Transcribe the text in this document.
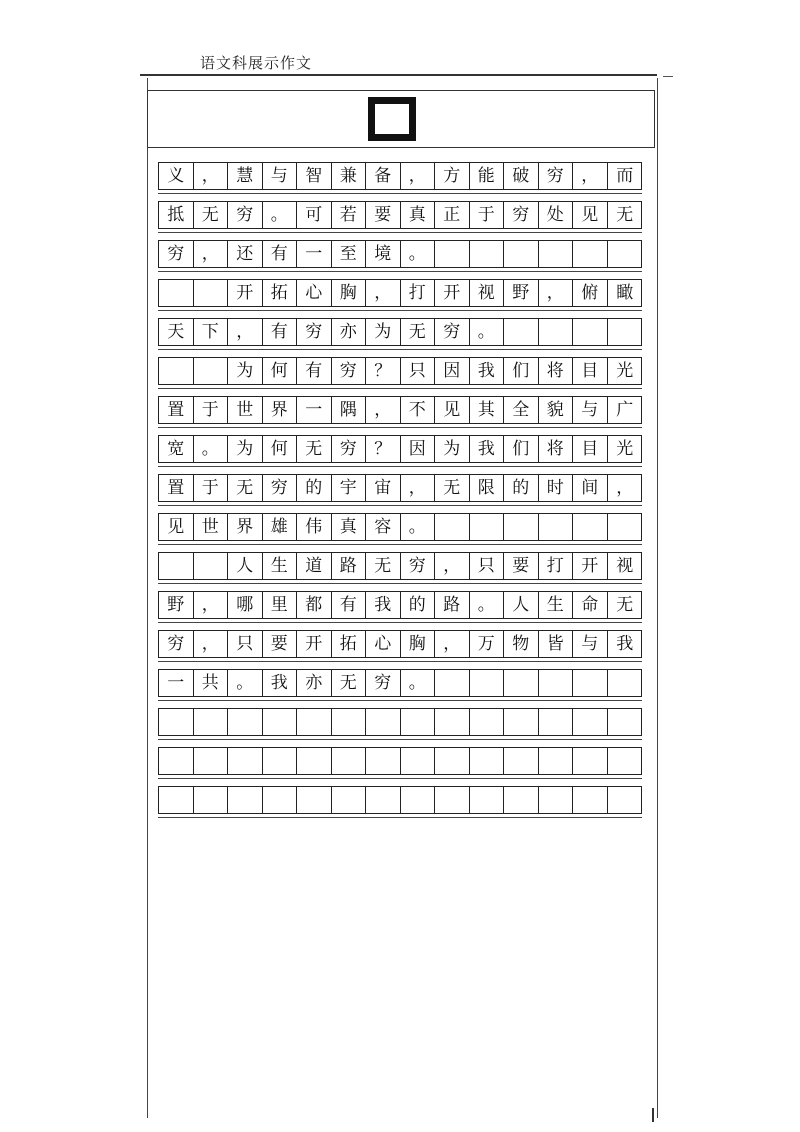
语文科展示作文
义	，	慧	与	智	兼	备	，	方	能	破	穷	，	而
抵	无	穷	。	可	若	要	真	正	于	穷	处	见	无
穷	，	还	有	一	至	境	。
开	拓	心	胸	，	打	开	视	野	，	俯	瞰
天	下	，	有	穷	亦	为	无	穷	。
为	何	有	穷	？	只	因	我	们	将	目	光
置	于	世	界	一	隅	，	不	见	其	全	貌	与	广
宽	。	为	何	无	穷	？	因	为	我	们	将	目	光
置	于	无	穷	的	宇	宙	，	无	限	的	时	间	，
见	世	界	雄	伟	真	容	。
人	生	道	路	无	穷	，	只	要	打	开	视
野	，	哪	里	都	有	我	的	路	。	人	生	命	无
穷	，	只	要	开	拓	心	胸	，	万	物	皆	与	我
一	共	。	我	亦	无	穷	。
